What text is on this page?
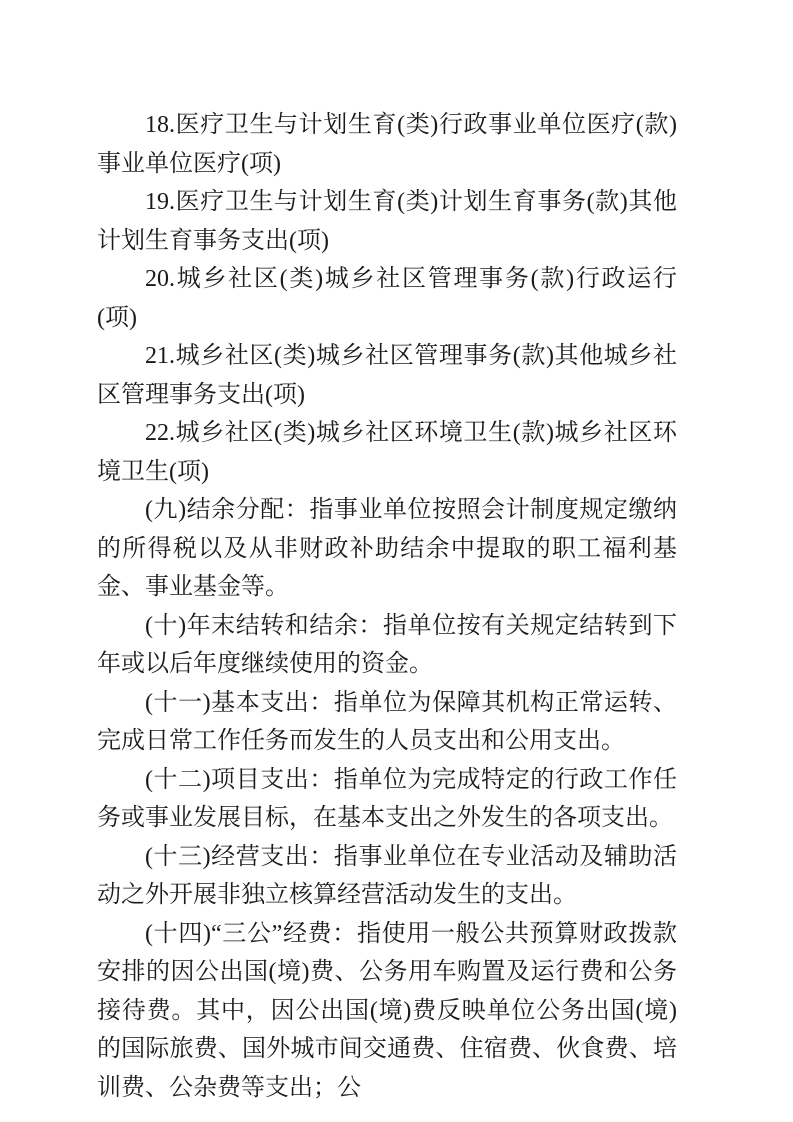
18.医疗卫生与计划生育(类)行政事业单位医疗(款)事业单位医疗(项)

19.医疗卫生与计划生育(类)计划生育事务(款)其他计划生育事务支出(项)

20.城乡社区(类)城乡社区管理事务(款)行政运行(项)

21.城乡社区(类)城乡社区管理事务(款)其他城乡社区管理事务支出(项)

22.城乡社区(类)城乡社区环境卫生(款)城乡社区环境卫生(项)

(九)结余分配：指事业单位按照会计制度规定缴纳的所得税以及从非财政补助结余中提取的职工福利基金、事业基金等。

(十)年末结转和结余：指单位按有关规定结转到下年或以后年度继续使用的资金。

(十一)基本支出：指单位为保障其机构正常运转、完成日常工作任务而发生的人员支出和公用支出。

(十二)项目支出：指单位为完成特定的行政工作任务或事业发展目标，在基本支出之外发生的各项支出。

(十三)经营支出：指事业单位在专业活动及辅助活动之外开展非独立核算经营活动发生的支出。

(十四)“三公”经费：指使用一般公共预算财政拨款安排的因公出国(境)费、公务用车购置及运行费和公务接待费。其中，因公出国(境)费反映单位公务出国(境)的国际旅费、国外城市间交通费、住宿费、伙食费、培训费、公杂费等支出；公
